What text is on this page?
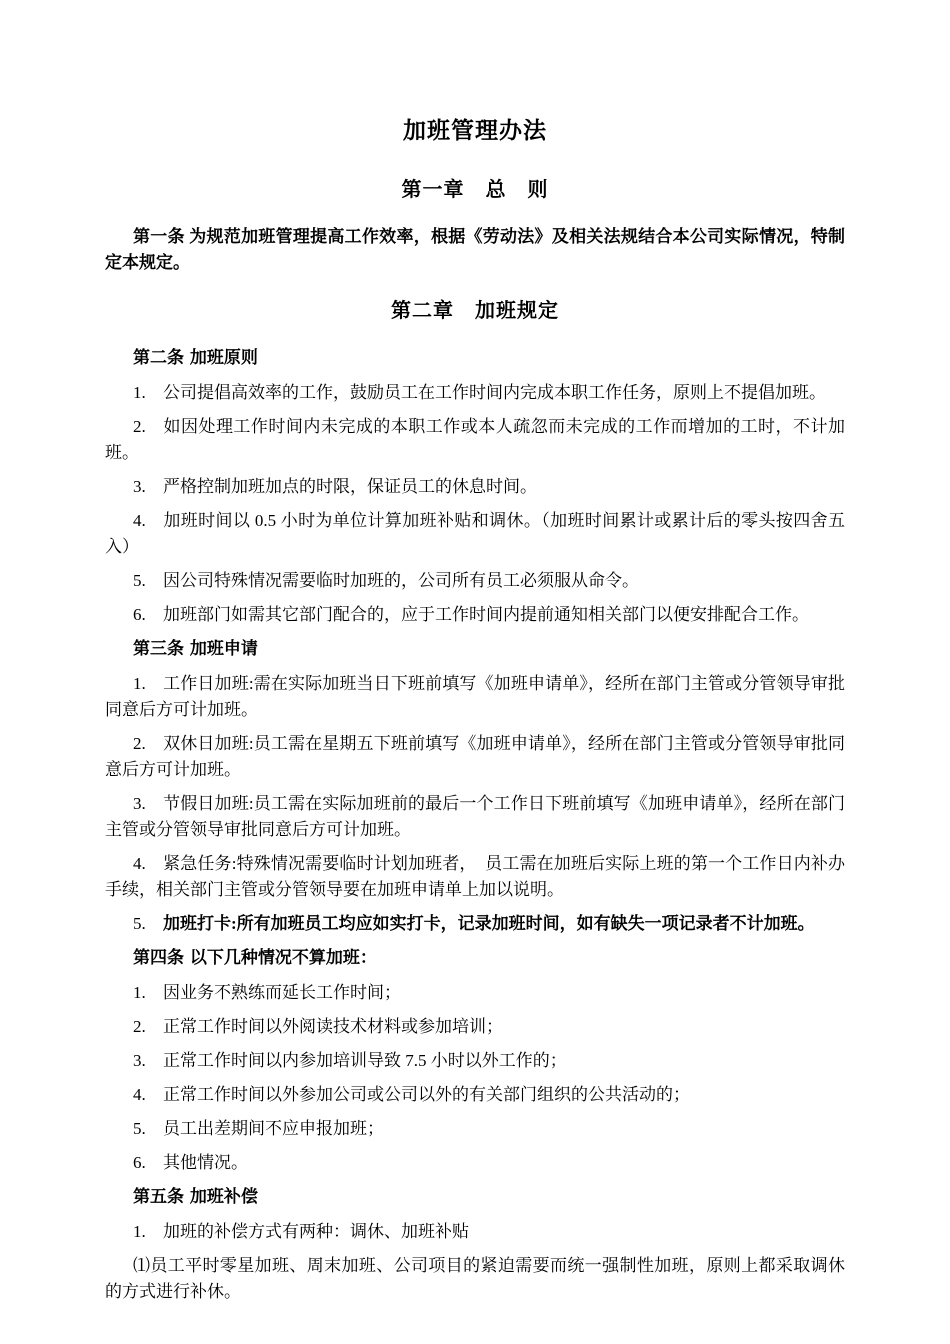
加班管理办法
第一章　总　则

第一条 为规范加班管理提高工作效率，根据《劳动法》及相关法规结合本公司实际情况，特制定本规定。

第二章　加班规定

第二条 加班原则

1. 公司提倡高效率的工作，鼓励员工在工作时间内完成本职工作任务，原则上不提倡加班。

2. 如因处理工作时间内未完成的本职工作或本人疏忽而未完成的工作而增加的工时，不计加班。

3. 严格控制加班加点的时限，保证员工的休息时间。

4. 加班时间以 0.5 小时为单位计算加班补贴和调休。（加班时间累计或累计后的零头按四舍五入）

5. 因公司特殊情况需要临时加班的，公司所有员工必须服从命令。

6. 加班部门如需其它部门配合的，应于工作时间内提前通知相关部门以便安排配合工作。

第三条 加班申请

1. 工作日加班:需在实际加班当日下班前填写《加班申请单》，经所在部门主管或分管领导审批同意后方可计加班。

2. 双休日加班:员工需在星期五下班前填写《加班申请单》，经所在部门主管或分管领导审批同意后方可计加班。

3. 节假日加班:员工需在实际加班前的最后一个工作日下班前填写《加班申请单》，经所在部门主管或分管领导审批同意后方可计加班。

4. 紧急任务:特殊情况需要临时计划加班者，　员工需在加班后实际上班的第一个工作日内补办手续，相关部门主管或分管领导要在加班申请单上加以说明。

5. 加班打卡:所有加班员工均应如实打卡，记录加班时间，如有缺失一项记录者不计加班。

第四条 以下几种情况不算加班：

1. 因业务不熟练而延长工作时间；

2. 正常工作时间以外阅读技术材料或参加培训；

3. 正常工作时间以内参加培训导致 7.5 小时以外工作的；

4. 正常工作时间以外参加公司或公司以外的有关部门组织的公共活动的；

5. 员工出差期间不应申报加班；

6. 其他情况。

第五条 加班补偿

1. 加班的补偿方式有两种：调休、加班补贴

⑴员工平时零星加班、周末加班、公司项目的紧迫需要而统一强制性加班，原则上都采取调休的方式进行补休。
